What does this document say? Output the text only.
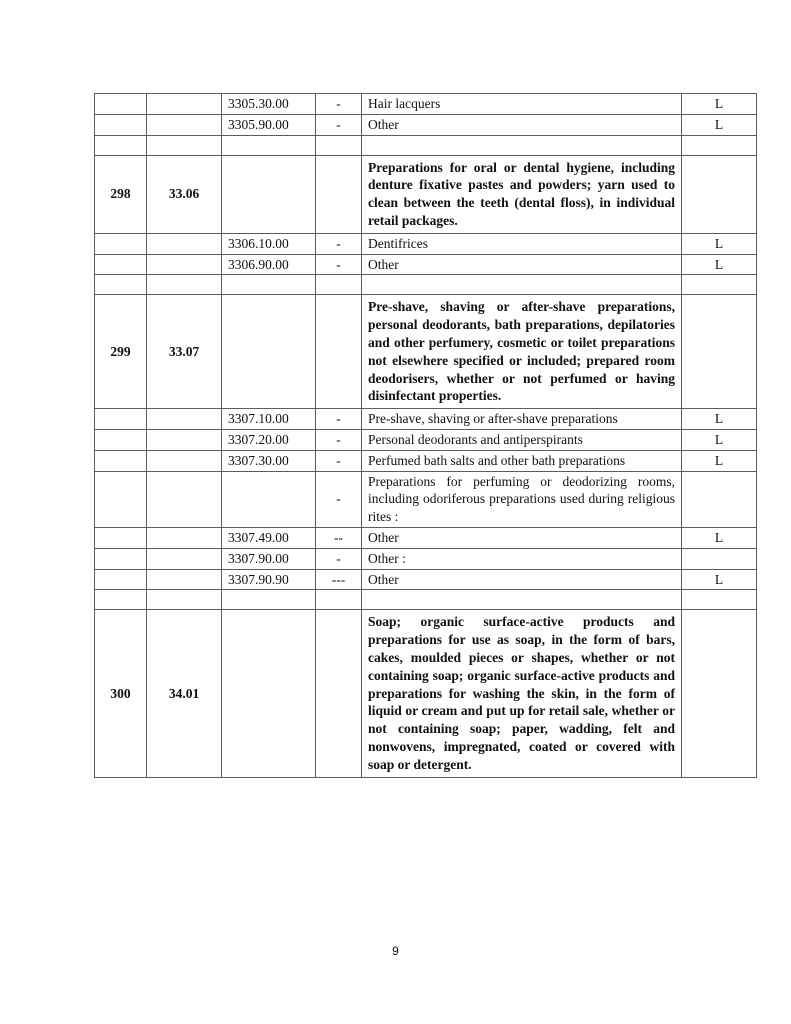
		3305.30.00	-	Hair lacquers	L
		3305.90.00	-	Other	L

298	33.06			Preparations for oral or dental hygiene, including denture fixative pastes and powders; yarn used to clean between the teeth (dental floss), in individual retail packages.	
		3306.10.00	-	Dentifrices	L
		3306.90.00	-	Other	L

299	33.07			Pre-shave, shaving or after-shave preparations, personal deodorants, bath preparations, depilatories and other perfumery, cosmetic or toilet preparations not elsewhere specified or included; prepared room deodorisers, whether or not perfumed or having disinfectant properties.	
		3307.10.00	-	Pre-shave, shaving or after-shave preparations	L
		3307.20.00	-	Personal deodorants and antiperspirants	L
		3307.30.00	-	Perfumed bath salts and other bath preparations	L
			-	Preparations for perfuming or deodorizing rooms, including odoriferous preparations used during religious rites :	
		3307.49.00	--	Other	L
		3307.90.00	-	Other :	
		3307.90.90	---	Other	L

300	34.01			Soap; organic surface-active products and preparations for use as soap, in the form of bars, cakes, moulded pieces or shapes, whether or not containing soap; organic surface-active products and preparations for washing the skin, in the form of liquid or cream and put up for retail sale, whether or not containing soap; paper, wadding, felt and nonwovens, impregnated, coated or covered with soap or detergent.	
9
